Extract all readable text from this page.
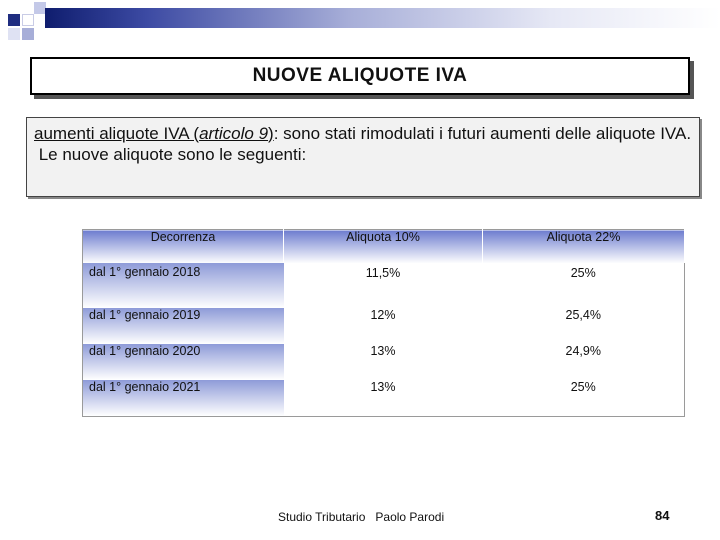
NUOVE ALIQUOTE IVA
aumenti aliquote IVA (articolo 9): sono stati rimodulati i futuri aumenti delle aliquote IVA.
Le nuove aliquote sono le seguenti:
Decorrenza	Aliquota 10%	Aliquota 22%
dal 1° gennaio 2018	11,5%	25%
dal 1° gennaio 2019	12%	25,4%
dal 1° gennaio 2020	13%	24,9%
dal 1° gennaio 2021	13%	25%
Studio Tributario Paolo Parodi	84
